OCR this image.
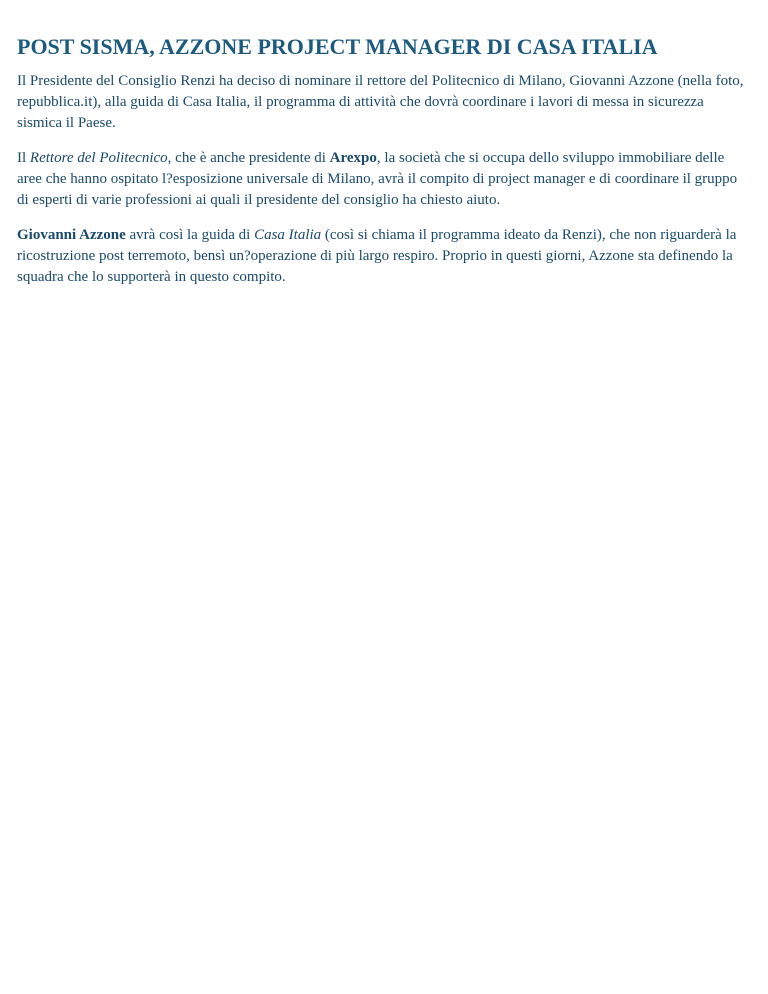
POST SISMA, AZZONE PROJECT MANAGER DI CASA ITALIA

Il Presidente del Consiglio Renzi ha deciso di nominare il rettore del Politecnico di Milano, Giovanni Azzone (nella foto, repubblica.it), alla guida di Casa Italia, il programma di attività che dovrà coordinare i lavori di messa in sicurezza sismica il Paese.

Il Rettore del Politecnico, che è anche presidente di Arexpo, la società che si occupa dello sviluppo immobiliare delle aree che hanno ospitato l?esposizione universale di Milano, avrà il compito di project manager e di coordinare il gruppo di esperti di varie professioni ai quali il presidente del consiglio ha chiesto aiuto.

Giovanni Azzone avrà così la guida di Casa Italia (così si chiama il programma ideato da Renzi), che non riguarderà la ricostruzione post terremoto, bensì un?operazione di più largo respiro. Proprio in questi giorni, Azzone sta definendo la squadra che lo supporterà in questo compito.
